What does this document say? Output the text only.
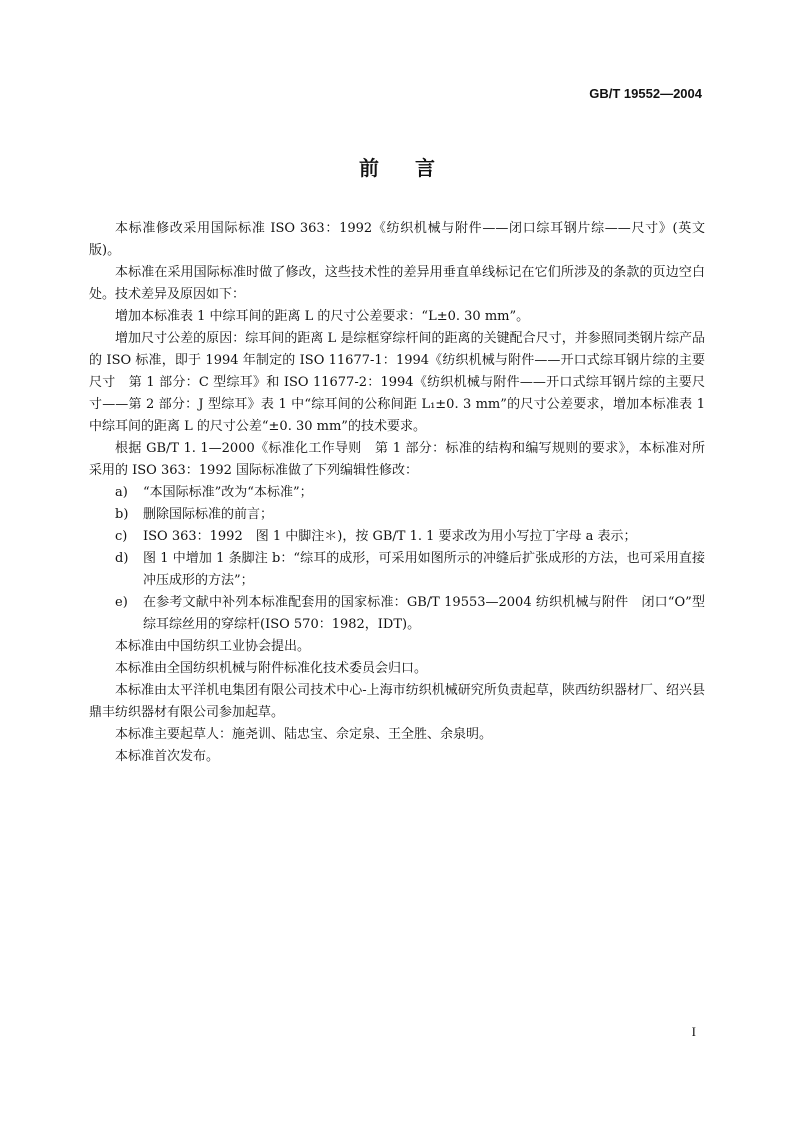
GB/T 19552—2004
前言

本标准修改采用国际标准 ISO 363：1992《纺织机械与附件——闭口综耳钢片综——尺寸》(英文版)。

本标准在采用国际标准时做了修改，这些技术性的差异用垂直单线标记在它们所涉及的条款的页边空白处。技术差异及原因如下：

增加本标准表 1 中综耳间的距离 L 的尺寸公差要求：“L±0. 30 mm”。

增加尺寸公差的原因：综耳间的距离 L 是综框穿综杆间的距离的关键配合尺寸，并参照同类钢片综产品的 ISO 标准，即于 1994 年制定的 ISO 11677-1：1994《纺织机械与附件——开口式综耳钢片综的主要尺寸　第 1 部分：C 型综耳》和 ISO 11677-2：1994《纺织机械与附件——开口式综耳钢片综的主要尺寸——第 2 部分：J 型综耳》表 1 中“综耳间的公称间距 L₁±0. 3 mm”的尺寸公差要求，增加本标准表 1 中综耳间的距离 L 的尺寸公差“±0. 30 mm”的技术要求。

根据 GB/T 1. 1—2000《标准化工作导则　第 1 部分：标准的结构和编写规则的要求》，本标准对所采用的 ISO 363：1992 国际标准做了下列编辑性修改：

a) “本国际标准”改为“本标准”；
b) 删除国际标准的前言；
c) ISO 363：1992　图 1 中脚注＊)，按 GB/T 1. 1 要求改为用小写拉丁字母 a 表示；
d) 图 1 中增加 1 条脚注 b：“综耳的成形，可采用如图所示的冲缝后扩张成形的方法，也可采用直接冲压成形的方法”；
e) 在参考文献中补列本标准配套用的国家标准：GB/T 19553—2004 纺织机械与附件　闭口“O”型综耳综丝用的穿综杆(ISO 570：1982，IDT)。

本标准由中国纺织工业协会提出。

本标准由全国纺织机械与附件标准化技术委员会归口。

本标准由太平洋机电集团有限公司技术中心-上海市纺织机械研究所负责起草，陕西纺织器材厂、绍兴县鼎丰纺织器材有限公司参加起草。

本标准主要起草人：施尧训、陆忠宝、佘定泉、王全胜、余泉明。

本标准首次发布。

I
